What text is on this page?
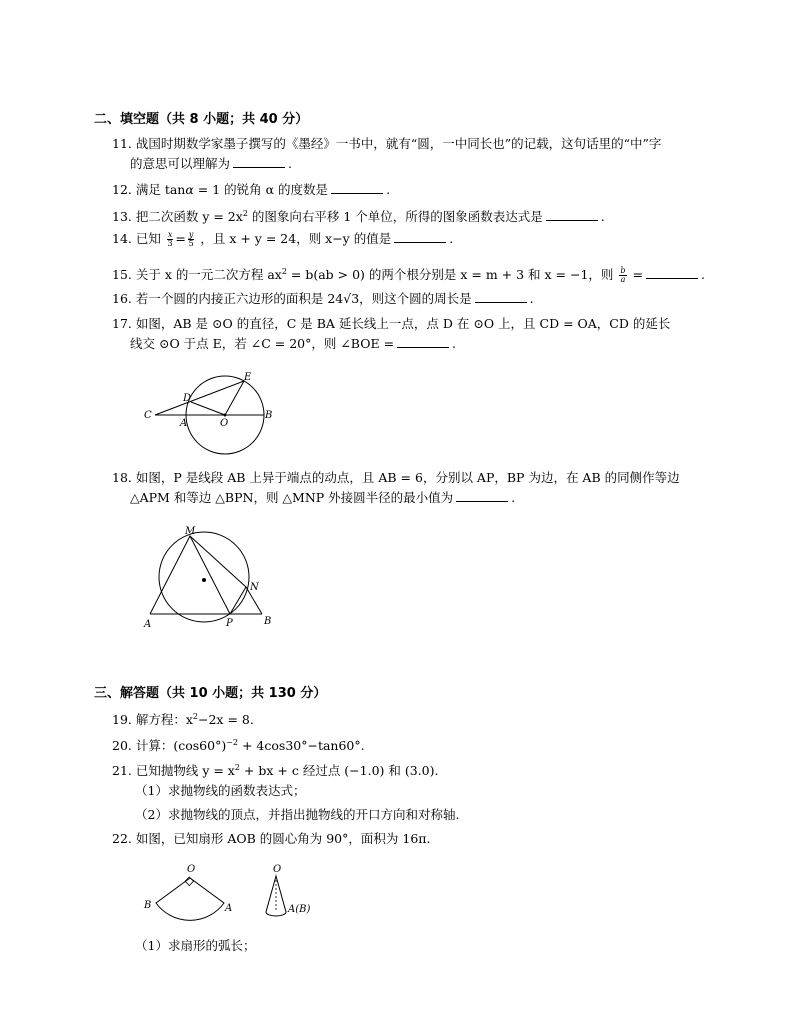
二、填空题（共 8 小题；共 40 分）
11. 战国时期数学家墨子撰写的《墨经》一书中，就有“圆，一中同长也”的记载，这句话里的“中”字
的意思可以理解为	.
12. 满足 tanα = 1 的锐角 α 的度数是	.
13. 把二次函数 $y = 2x^2$ 的图象向右平移 1 个单位，所得的图象函数表达式是	.
14. 已知 $\frac{x}{3} = \frac{y}{5}$ ，且 x + y = 24，则 x−y 的值是	.
15. 关于 x 的一元二次方程 $ax^2 = b(ab > 0)$ 的两个根分别是 x = m + 3 和 x = −1，则 $\frac{b}{a}$ =	.
16. 若一个圆的内接正六边形的面积是 24√3，则这个圆的周长是	.
17. 如图，AB 是 ⊙O 的直径，C 是 BA 延长线上一点，点 D 在 ⊙O 上，且 CD = OA，CD 的延长
线交 ⊙O 于点 E，若 ∠C = 20°，则 ∠BOE =	.
C
D
E
A	O
B
18. 如图，P 是线段 AB 上异于端点的动点，且 AB = 6，分别以 AP，BP 为边，在 AB 的同侧作等边
△APM 和等边 △BPN，则 △MNP 外接圆半径的最小值为	.
M
N
A	P	B
三、解答题（共 10 小题；共 130 分）
19. 解方程：$x^2-2x = 8$.
20. 计算：$(\cos 60^\circ)^{-2} + 4\cos 30^\circ-\tan 60^\circ$.
21. 已知抛物线 $y = x^2$ + bx + c 经过点 (−1.0) 和 (3.0).
（1）求抛物线的函数表达式；
（2）求抛物线的顶点，并指出抛物线的开口方向和对称轴.
22. 如图，已知扇形 AOB 的圆心角为 90°，面积为 16π.
O
B	A
O
A(B)
（1）求扇形的弧长；
